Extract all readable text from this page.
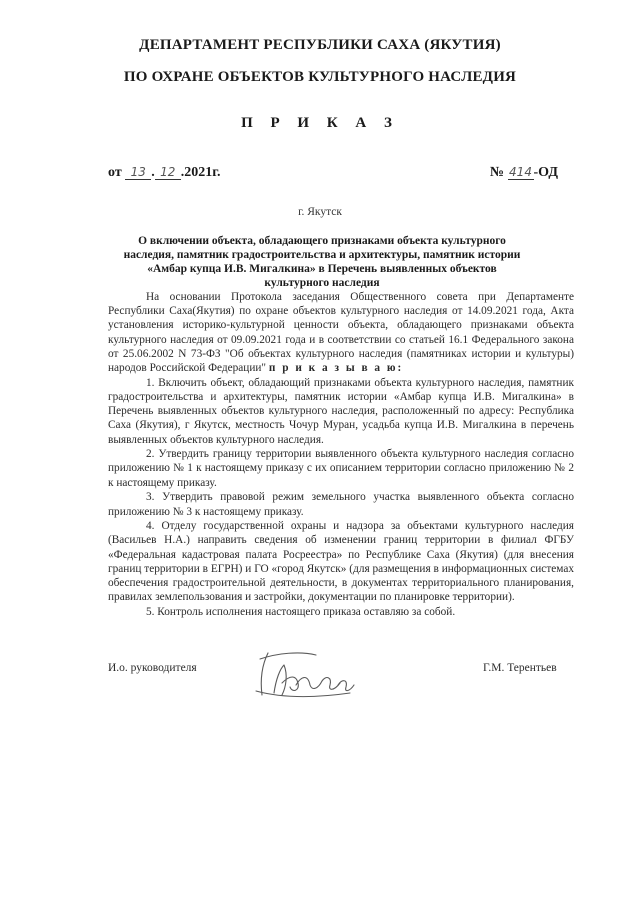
ДЕПАРТАМЕНТ РЕСПУБЛИКИ САХА (ЯКУТИЯ)
ПО ОХРАНЕ ОБЪЕКТОВ КУЛЬТУРНОГО НАСЛЕДИЯ
П Р И К А З
от 13 . 12 .2021г.	№ 414 -ОД
г. Якутск
О включении объекта, обладающего признаками объекта культурного наследия, памятник градостроительства и архитектуры, памятник истории «Амбар купца И.В. Мигалкина» в Перечень выявленных объектов культурного наследия

На основании Протокола заседания Общественного совета при Департаменте Республики Саха(Якутия) по охране объектов культурного наследия от 14.09.2021 года, Акта установления историко-культурной ценности объекта, обладающего признаками объекта культурного наследия от 09.09.2021 года и в соответствии со статьей 16.1 Федерального закона от 25.06.2002 N 73-ФЗ "Об объектах культурного наследия (памятниках истории и культуры) народов Российской Федерации" п р и к а з ы в а ю:

1. Включить объект, обладающий признаками объекта культурного наследия, памятник градостроительства и архитектуры, памятник истории «Амбар купца И.В. Мигалкина» в Перечень выявленных объектов культурного наследия, расположенный по адресу: Республика Саха (Якутия), г Якутск, местность Чочур Муран, усадьба купца И.В. Мигалкина в перечень выявленных объектов культурного наследия.

2. Утвердить границу территории выявленного объекта культурного наследия согласно приложению № 1 к настоящему приказу с их описанием территории согласно приложению № 2 к настоящему приказу.

3. Утвердить правовой режим земельного участка выявленного объекта согласно приложению № 3 к настоящему приказу.

4. Отделу государственной охраны и надзора за объектами культурного наследия (Васильев Н.А.) направить сведения об изменении границ территории в филиал ФГБУ «Федеральная кадастровая палата Росреестра» по Республике Саха (Якутия) (для внесения границ территории в ЕГРН) и ГО «город Якутск» (для размещения в информационных системах обеспечения градостроительной деятельности, в документах территориального планирования, правилах землепользования и застройки, документации по планировке территории).

5. Контроль исполнения настоящего приказа оставляю за собой.

И.о. руководителя	Г.М. Терентьев
